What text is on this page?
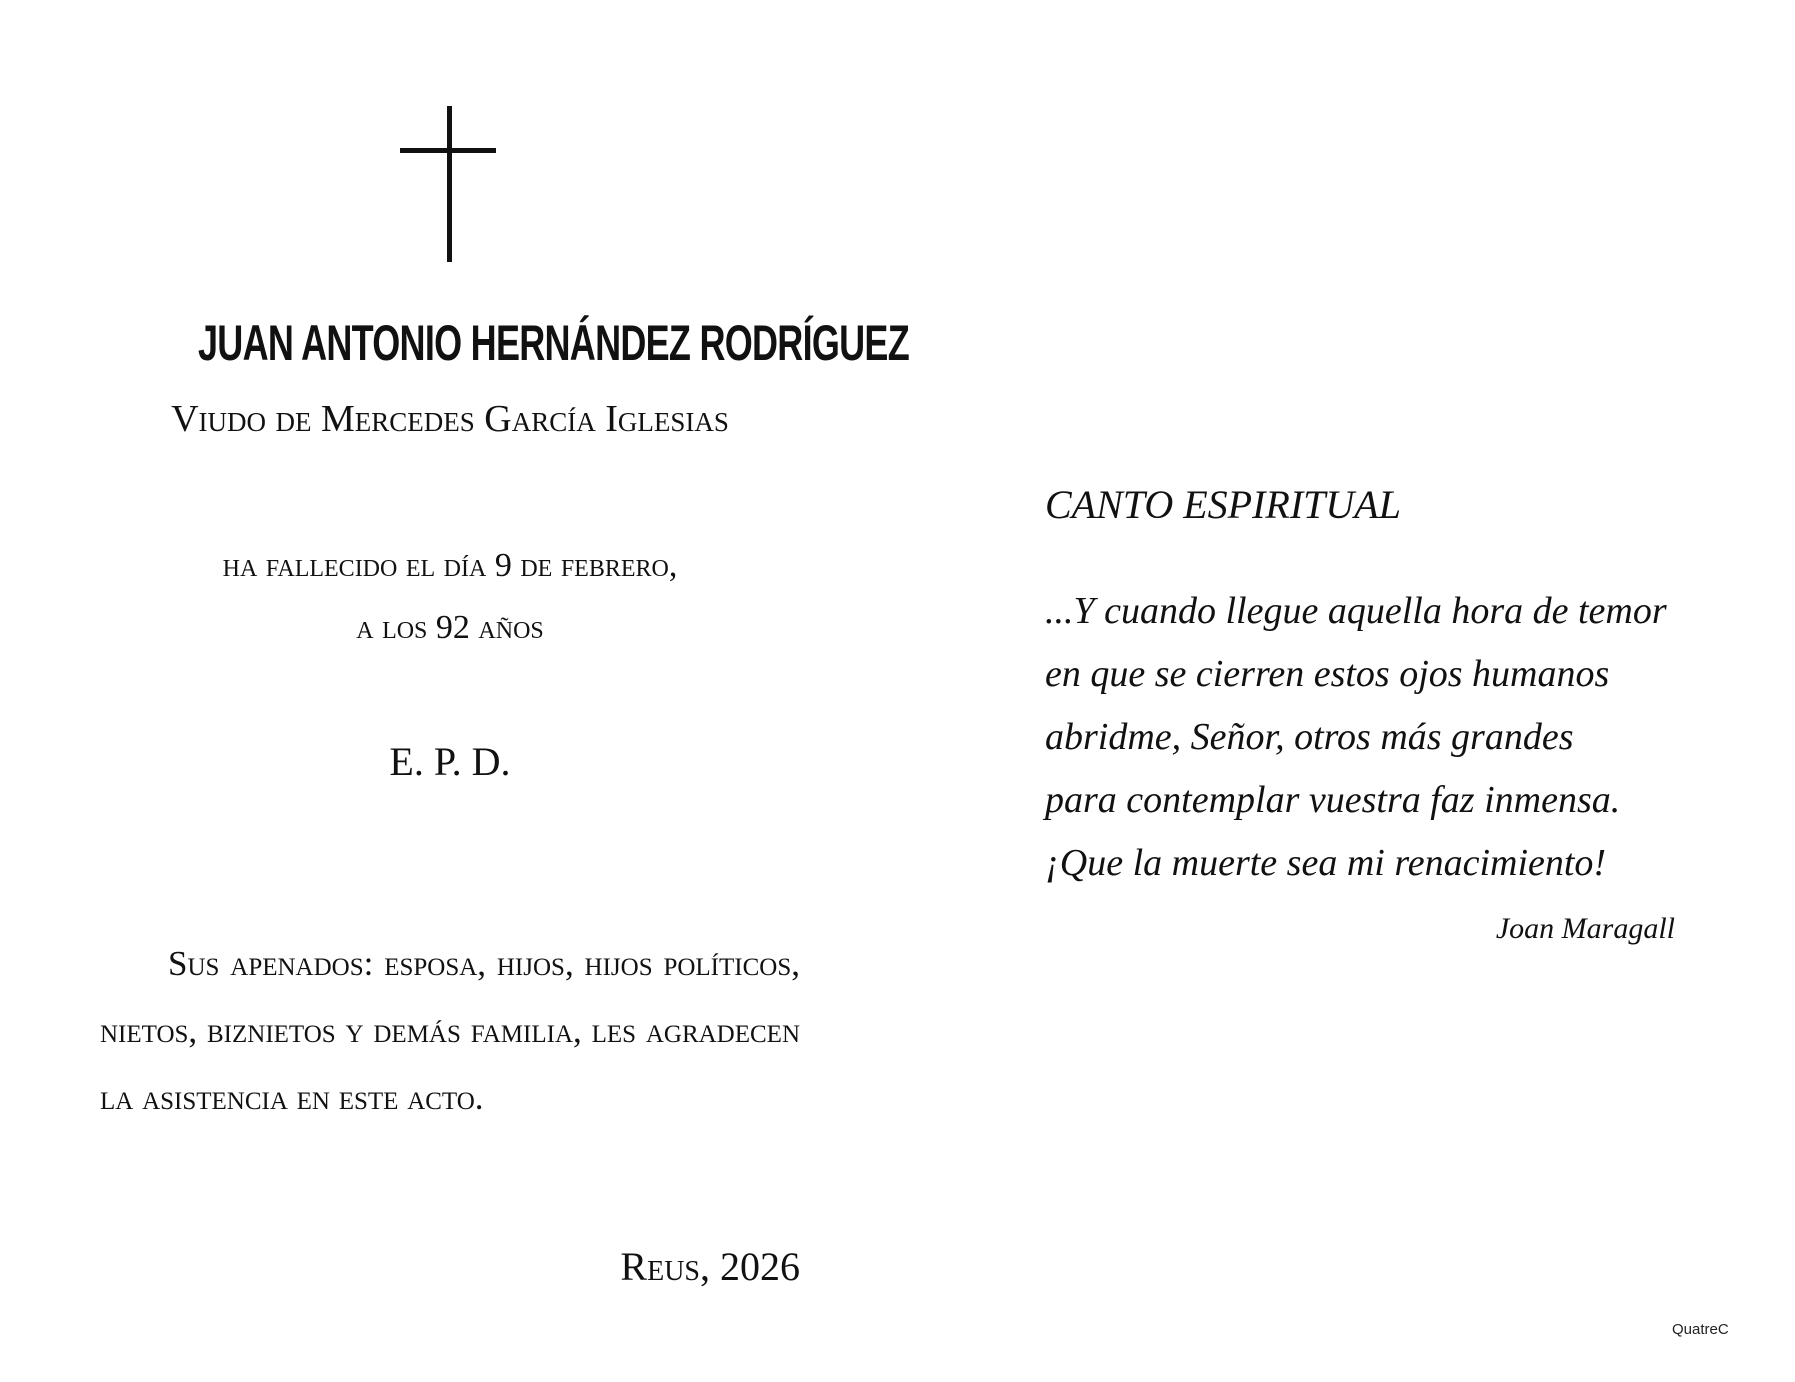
JUAN ANTONIO HERNÁNDEZ RODRÍGUEZ
Viudo de Mercedes García Iglesias
ha fallecido el día 9 de febrero,
a los 92 años
E. P. D.
Sus apenados: esposa, hijos, hijos políticos, nietos, biznietos y demás familia, les agradecen la asistencia en este acto.
Reus, 2026
CANTO ESPIRITUAL
...Y cuando llegue aquella hora de temor
en que se cierren estos ojos humanos
abridme, Señor, otros más grandes
para contemplar vuestra faz inmensa.
¡Que la muerte sea mi renacimiento!
Joan Maragall
QuatreC
